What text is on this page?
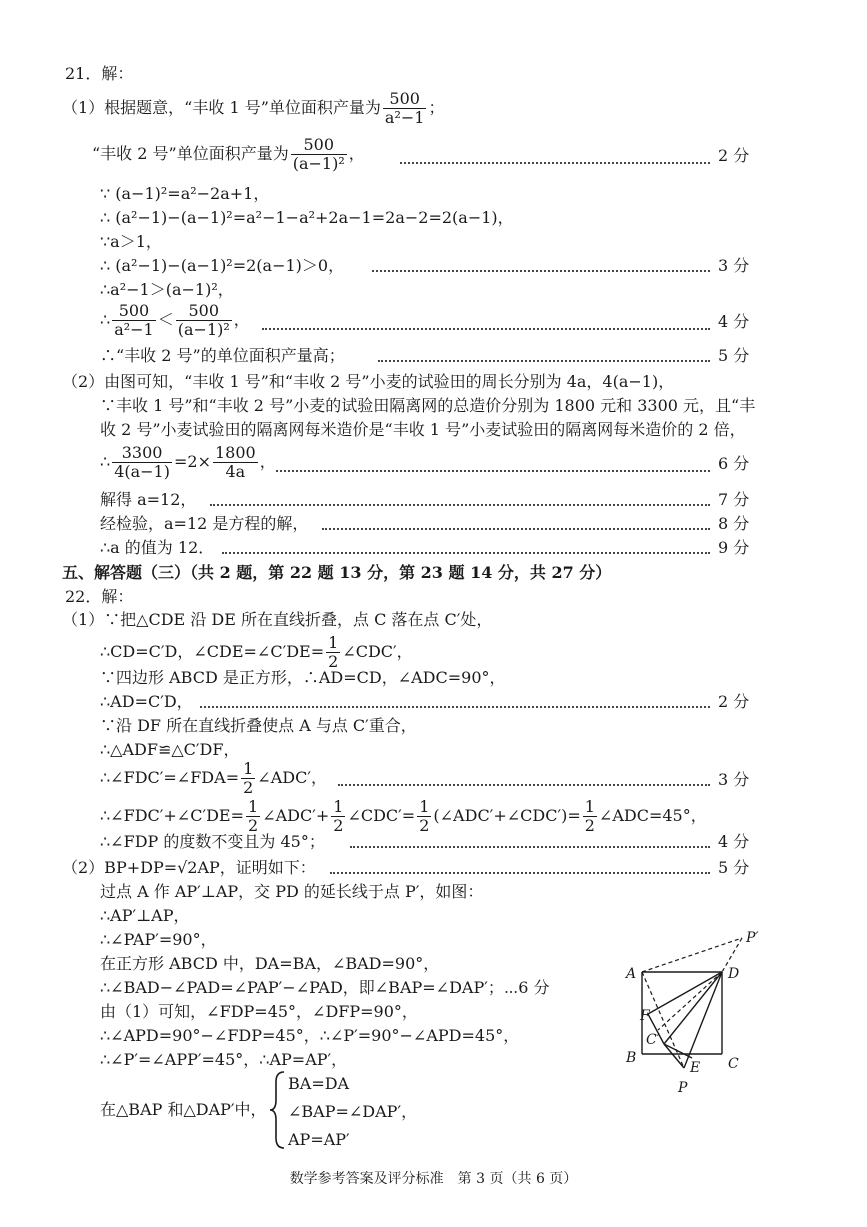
21．解：
（1）根据题意，“丰收 1 号”单位面积产量为 $\frac{500}{\text{a²−1}}$ ；
“丰收 2 号”单位面积产量为 $\frac{500}{\text{(a−1)²}}$ ，	2 分
∵ (a−1)²=a²−2a+1，
∴ (a²−1)−(a−1)²=a²−1−a²+2a−1=2a−2=2(a−1)，
∵a＞1，
∴ (a²−1)−(a−1)²=2(a−1)＞0，	3 分
∴a²−1＞(a−1)²，
∴ $\frac{500}{\text{a²−1}} < \frac{500}{\text{(a−1)²}}$ ，	4 分
∴“丰收 2 号”的单位面积产量高；	5 分
（2）由图可知，“丰收 1 号”和“丰收 2 号”小麦的试验田的周长分别为 4a，4(a−1)，
∵丰收 1 号”和“丰收 2 号”小麦的试验田隔离网的总造价分别为 1800 元和 3300 元，且“丰
收 2 号”小麦试验田的隔离网每米造价是“丰收 1 号”小麦试验田的隔离网每米造价的 2 倍，
∴ $\frac{3300}{4(a-1)} =2\times \frac{1800}{4a}$ ，	6 分
解得 a=12，	7 分
经检验，a=12 是方程的解，	8 分
∴a 的值为 12．	9 分
五、解答题（三）（共 2 题，第 22 题 13 分，第 23 题 14 分，共 27 分）
22．解：
（1）∵把△CDE 沿 DE 所在直线折叠，点 C 落在点 C′处，
∴CD=C′D，∠CDE=∠C′DE= $\frac{1}{2}$ ∠CDC′，
∵四边形 ABCD 是正方形，∴AD=CD，∠ADC=90°，
∴AD=C′D，	2 分
∵沿 DF 所在直线折叠使点 A 与点 C′重合，
∴△ADF≌△C′DF，
∴∠FDC′=∠FDA= $\frac{1}{2}$ ∠ADC′，	3 分
∴∠FDC′+∠C′DE= $\frac{1}{2}$ ∠ADC′+ $\frac{1}{2}$ ∠CDC′= $\frac{1}{2}$ (∠ADC′+∠CDC′)= $\frac{1}{2}$ ∠ADC=45°，
∴∠FDP 的度数不变且为 45°；	4 分
（2）BP+DP=√2AP，证明如下：	5 分
过点 A 作 AP′⊥AP，交 PD 的延长线于点 P′，如图：
∴AP′⊥AP，
∴∠PAP′=90°，
在正方形 ABCD 中，DA=BA，∠BAD=90°，
∴∠BAD−∠PAD=∠PAP′−∠PAD，即∠BAP=∠DAP′；⋯6 分
由（1）可知，∠FDP=45°，∠DFP=90°，
∴∠APD=90°−∠FDP=45°，∴∠P′=90°−∠APD=45°，
∴∠P′=∠APP′=45°，∴AP=AP′，
在△BAP 和△DAP′中，
BA=DA
∠BAP=∠DAP′，
AP=AP′
A	D
B	C
P′
F
C′
E
P
数学参考答案及评分标准　第 3 页（共 6 页）
